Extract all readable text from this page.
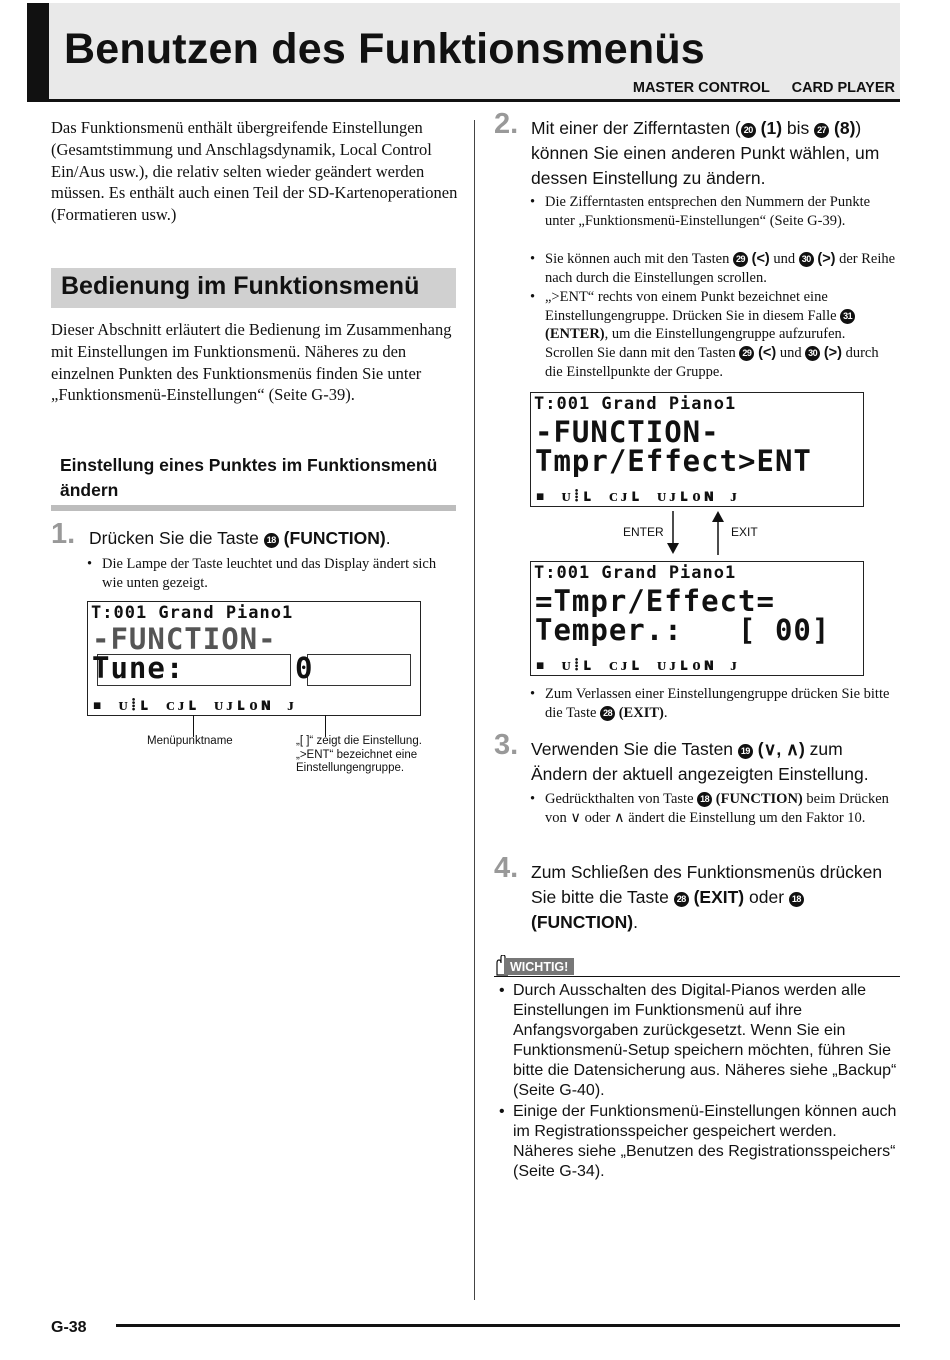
Benutzen des Funktionsmenüs
MASTER CONTROL CARD PLAYER

Das Funktionsmenü enthält übergreifende Einstellungen (Gesamtstimmung und Anschlagsdynamik, Local Control Ein/Aus usw.), die relativ selten wieder geändert werden müssen. Es enthält auch einen Teil der SD-Kartenoperationen (Formatieren usw.)

Bedienung im Funktionsmenü

Dieser Abschnitt erläutert die Bedienung im Zusammenhang mit Einstellungen im Funktionsmenü. Näheres zu den einzelnen Punkten des Funktionsmenüs finden Sie unter „Funktionsmenü-Einstellungen“ (Seite G-39).

Einstellung eines Punktes im Funktionsmenü ändern
1. Drücken Sie die Taste 18 (FUNCTION).
• Die Lampe der Taste leuchtet und das Display ändert sich wie unten gezeigt.
T:001 Grand Piano1
-FUNCTION-
Tune:      0
▪ ᴜ⁞ʟ ᴄᴊʟ ᴜᴊʟᴏɴ ᴊ
Menüpunktname	„[ ]“ zeigt die Einstellung. „>ENT“ bezeichnet eine Einstellungengruppe.
2. Mit einer der Zifferntasten ( 20 (1) bis 27 (8)) können Sie einen anderen Punkt wählen, um dessen Einstellung zu ändern.
• Die Zifferntasten entsprechen den Nummern der Punkte unter „Funktionsmenü-Einstellungen“ (Seite G-39).
• Sie können auch mit den Tasten 29 (<) und 30 (>) der Reihe nach durch die Einstellungen scrollen.
• „>ENT“ rechts von einem Punkt bezeichnet eine Einstellungengruppe. Drücken Sie in diesem Falle 31 (ENTER), um die Einstellungengruppe aufzurufen. Scrollen Sie dann mit den Tasten 29 (<) und 30 (>) durch die Einstellpunkte der Gruppe.
T:001 Grand Piano1
-FUNCTION-
Tmpr/Effect>ENT
▪ ᴜ⁞ʟ ᴄᴊʟ ᴜᴊʟᴏɴ ᴊ
ENTER	EXIT
T:001 Grand Piano1
=Tmpr/Effect=
Temper.:   [ 00]
▪ ᴜ⁞ʟ ᴄᴊʟ ᴜᴊʟᴏɴ ᴊ
• Zum Verlassen einer Einstellungengruppe drücken Sie bitte die Taste 28 (EXIT).
3. Verwenden Sie die Tasten 19 (∨, ∧) zum Ändern der aktuell angezeigten Einstellung.
• Gedrückthalten von Taste 18 (FUNCTION) beim Drücken von ∨ oder ∧ ändert die Einstellung um den Faktor 10.
4. Zum Schließen des Funktionsmenüs drücken Sie bitte die Taste 28 (EXIT) oder 18 (FUNCTION).
WICHTIG!
• Durch Ausschalten des Digital-Pianos werden alle Einstellungen im Funktionsmenü auf ihre Anfangsvorgaben zurückgesetzt. Wenn Sie ein Funktionsmenü-Setup speichern möchten, führen Sie bitte die Datensicherung aus. Näheres siehe „Backup“ (Seite G-40).
• Einige der Funktionsmenü-Einstellungen können auch im Registrationsspeicher gespeichert werden. Näheres siehe „Benutzen des Registrationsspeichers“ (Seite G-34).
G-38
